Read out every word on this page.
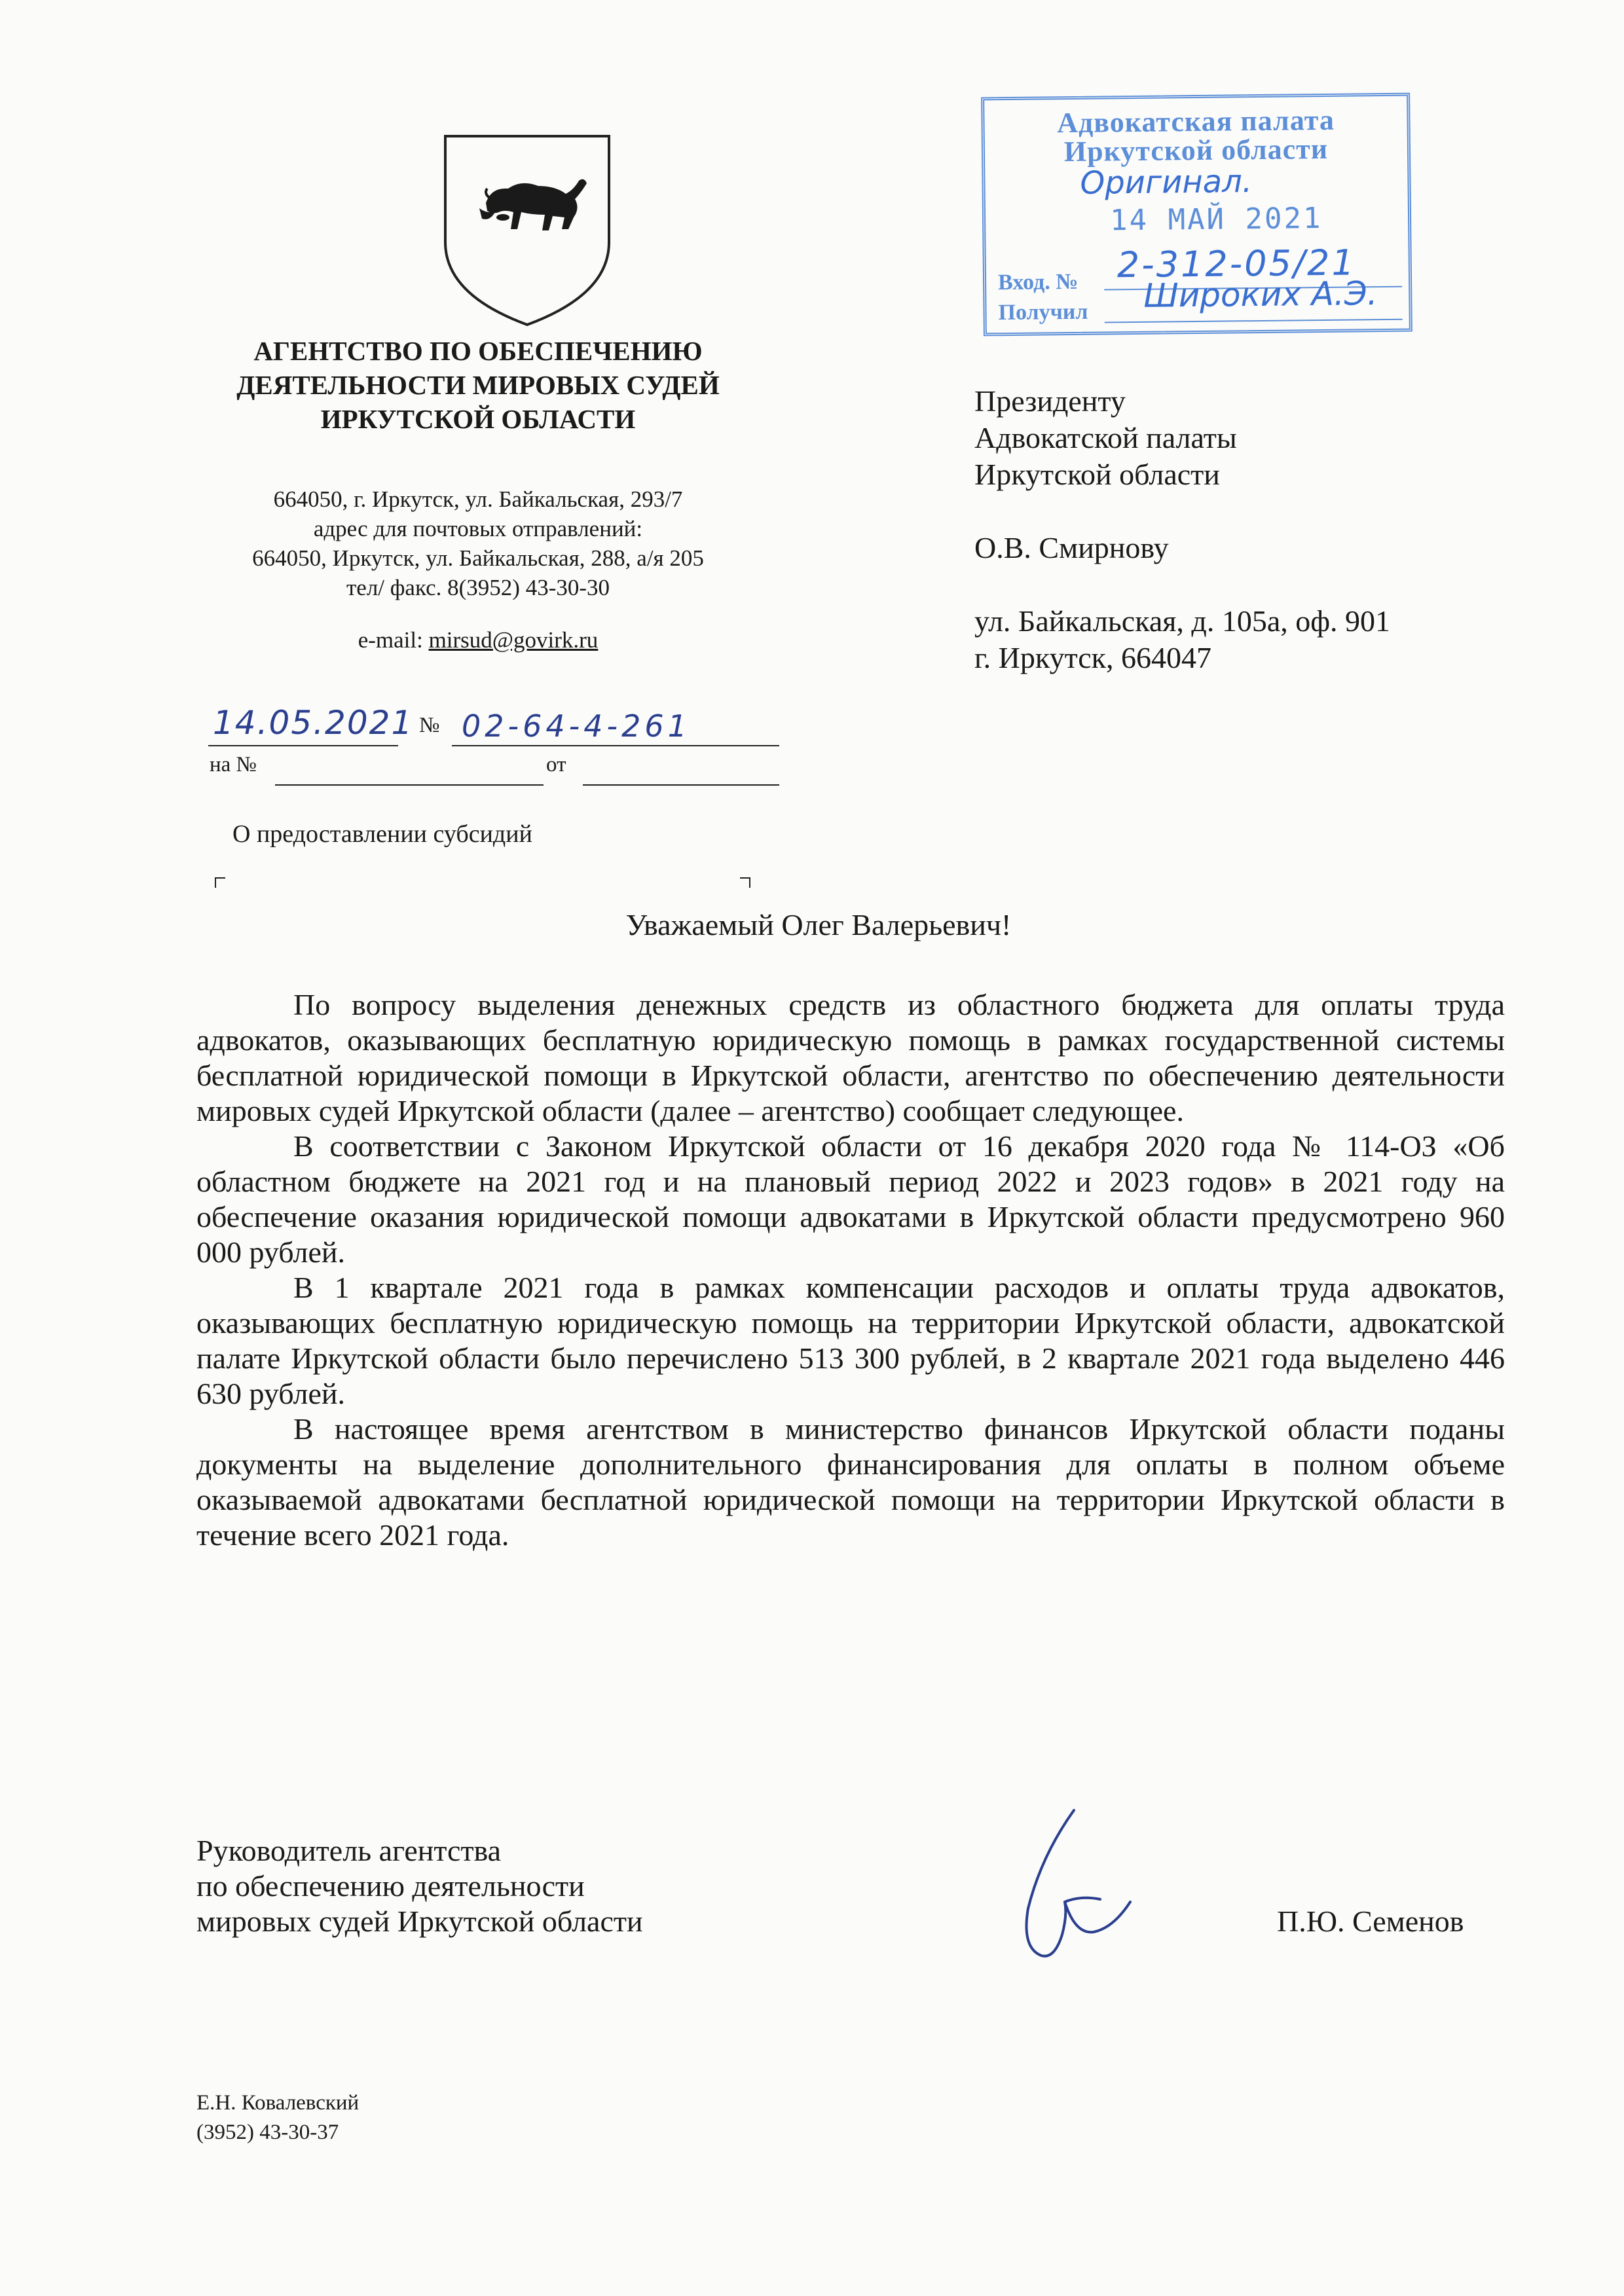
АГЕНТСТВО ПО ОБЕСПЕЧЕНИЮ
ДЕЯТЕЛЬНОСТИ МИРОВЫХ СУДЕЙ
ИРКУТСКОЙ ОБЛАСТИ
664050, г. Иркутск, ул. Байкальская, 293/7
адрес для почтовых отправлений:
664050, Иркутск, ул. Байкальская, 288, а/я 205
тел/ факс. 8(3952) 43-30-30
e-mail: mirsud@govirk.ru
14.05.2021 № 02-64-4-261
на №	от
О предоставлении субсидий
Адвокатская палата
Иркутской области
Оригинал.
14 МАЙ 2021
Вход. № 2-312-05/21
Получил Широких А.Э.
Президенту
Адвокатской палаты
Иркутской области
О.В. Смирнову
ул. Байкальская, д. 105а, оф. 901
г. Иркутск, 664047
Уважаемый Олег Валерьевич!

По вопросу выделения денежных средств из областного бюджета для оплаты труда адвокатов, оказывающих бесплатную юридическую помощь в рамках государственной системы бесплатной юридической помощи в Иркутской области, агентство по обеспечению деятельности мировых судей Иркутской области (далее – агентство) сообщает следующее.

В соответствии с Законом Иркутской области от 16 декабря 2020 года № 114-ОЗ «Об областном бюджете на 2021 год и на плановый период 2022 и 2023 годов» в 2021 году на обеспечение оказания юридической помощи адвокатами в Иркутской области предусмотрено 960 000 рублей.

В 1 квартале 2021 года в рамках компенсации расходов и оплаты труда адвокатов, оказывающих бесплатную юридическую помощь на территории Иркутской области, адвокатской палате Иркутской области было перечислено 513 300 рублей, в 2 квартале 2021 года выделено 446 630 рублей.

В настоящее время агентством в министерство финансов Иркутской области поданы документы на выделение дополнительного финансирования для оплаты в полном объеме оказываемой адвокатами бесплатной юридической помощи на территории Иркутской области в течение всего 2021 года.

Руководитель агентства
по обеспечению деятельности
мировых судей Иркутской области	П.Ю. Семенов
Е.Н. Ковалевский
(3952) 43-30-37
